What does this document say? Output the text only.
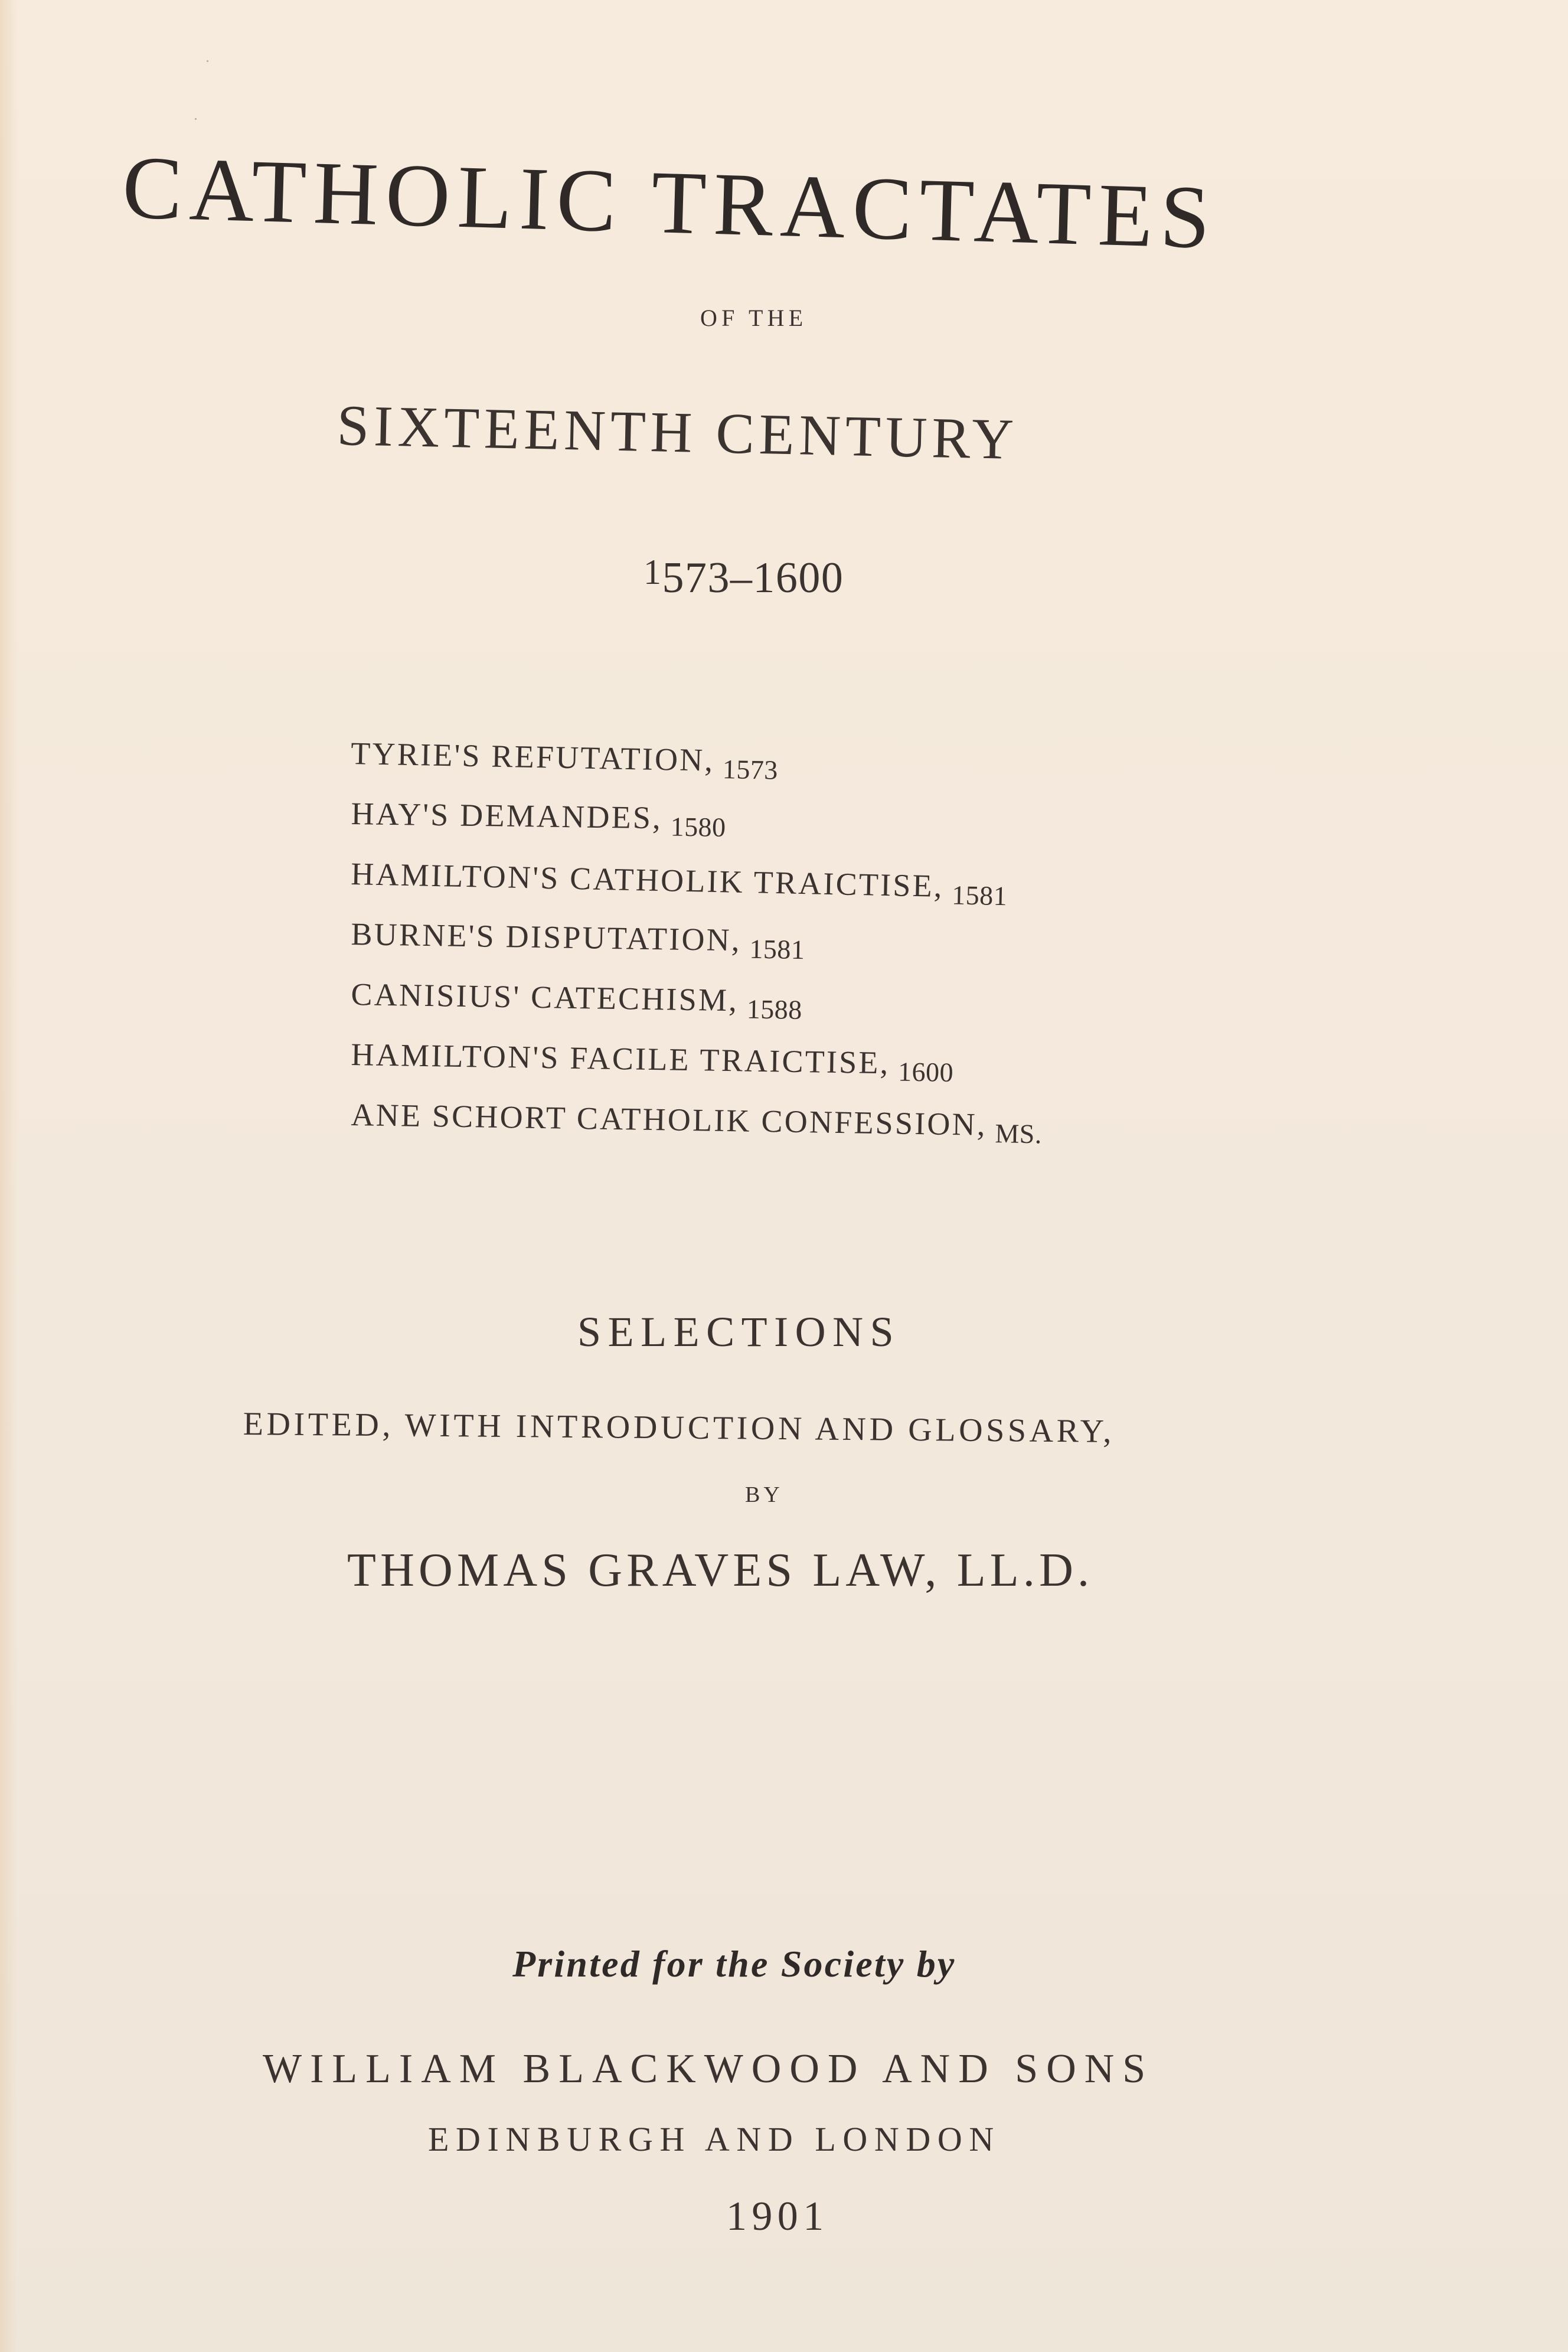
CATHOLIC TRACTATES
OF THE
SIXTEENTH CENTURY
$^1$573–1600
TYRIE'S REFUTATION, 1573
HAY'S DEMANDES, 1580
HAMILTON'S CATHOLIK TRAICTISE, 1581
BURNE'S DISPUTATION, 1581
CANISIUS' CATECHISM, 1588
HAMILTON'S FACILE TRAICTISE, 1600
ANE SCHORT CATHOLIK CONFESSION, MS.
SELECTIONS
EDITED, WITH INTRODUCTION AND GLOSSARY,
BY
THOMAS GRAVES LAW, LL.D.
Printed for the Society by
WILLIAM BLACKWOOD AND SONS
EDINBURGH AND LONDON
1901
